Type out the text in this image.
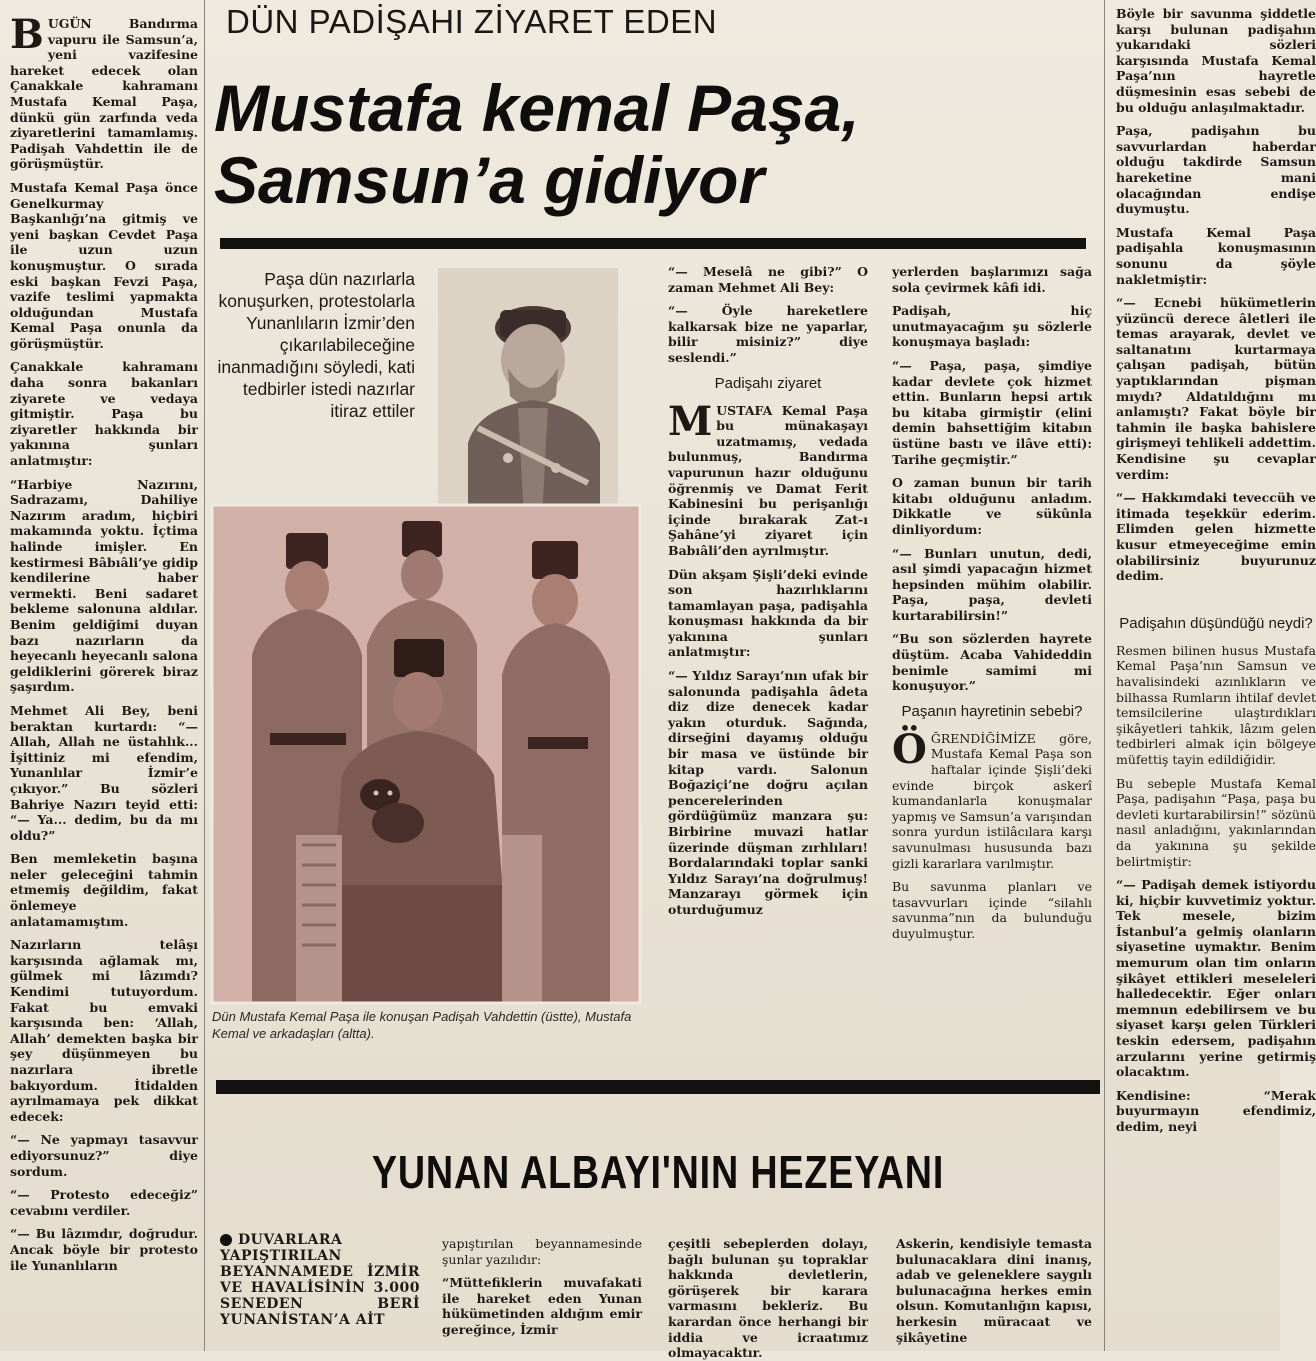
BUGÜN Bandırma vapuru ile Samsun’a, yeni vazifesine hareket edecek olan Çanakkale kahramanı Mustafa Kemal Paşa, dünkü gün zarfında veda ziyaretlerini tamamlamış. Padişah Vahdettin ile de görüşmüştür.

Mustafa Kemal Paşa önce Genelkurmay Başkanlığı’na gitmiş ve yeni başkan Cevdet Paşa ile uzun uzun konuşmuştur. O sırada eski başkan Fevzi Paşa, vazife teslimi yapmakta olduğundan Mustafa Kemal Paşa onunla da görüşmüştür.

Çanakkale kahramanı daha sonra bakanları ziyarete ve vedaya gitmiştir. Paşa bu ziyaretler hakkında bir yakınına şunları anlatmıştır:

“Harbiye Nazırını, Sadrazamı, Dahiliye Nazırım aradım, hiçbiri makamında yoktu. İçtima halinde imişler. En kestirmesi Bâbıâli’ye gidip kendilerine haber vermekti. Beni sadaret bekleme salonuna aldılar. Benim geldiğimi duyan bazı nazırların da heyecanlı heyecanlı salona geldiklerini görerek biraz şaşırdım.

Mehmet Ali Bey, beni beraktan kurtardı: “— Allah, Allah ne üstahlık... İşittiniz mi efendim, Yunanlılar İzmir’e çıkıyor.” Bu sözleri Bahriye Nazırı teyid etti: “— Ya... dedim, bu da mı oldu?”

Ben memleketin başına neler geleceğini tahmin etmemiş değildim, fakat önlemeye anlatamamıştım.

Nazırların telâşı karşısında ağlamak mı, gülmek mi lâzımdı? Kendimi tutuyordum. Fakat bu emvaki karşısında ben: ‘Allah, Allah’ demekten başka bir şey düşünmeyen bu nazırlara ibretle bakıyordum. İtidalden ayrılmamaya pek dikkat edecek:

“— Ne yapmayı tasavvur ediyorsunuz?” diye sordum.

“— Protesto edeceğiz” cevabını verdiler.

“— Bu lâzımdır, doğrudur. Ancak böyle bir protesto ile Yunanlıların

DÜN PADİŞAHI ZİYARET EDEN
Mustafa kemal Paşa, Samsun’a gidiyor
Paşa dün nazırlarla konuşurken, protestolarla Yunanlıların İzmir’den çıkarılabileceğine inanmadığını söyledi, kati tedbirler istedi nazırlar itiraz ettiler
Dün Mustafa Kemal Paşa ile konuşan Padişah Vahdettin (üstte), Mustafa Kemal ve arkadaşları (altta).

“— Meselâ ne gibi?” O zaman Mehmet Ali Bey:

“— Öyle hareketlere kalkarsak bize ne yaparlar, bilir misiniz?” diye seslendi.”

Padişahı ziyaret

MUSTAFA Kemal Paşa bu münakaşayı uzatmamış, vedada bulunmuş, Bandırma vapurunun hazır olduğunu öğrenmiş ve Damat Ferit Kabinesini bu perişanlığı içinde bırakarak Zat-ı Şahâne’yi ziyaret için Babıâli’den ayrılmıştır.

Dün akşam Şişli’deki evinde son hazırlıklarını tamamlayan paşa, padişahla konuşması hakkında da bir yakınına şunları anlatmıştır:

“— Yıldız Sarayı’nın ufak bir salonunda padişahla âdeta diz dize denecek kadar yakın oturduk. Sağında, dirseğini dayamış olduğu bir masa ve üstünde bir kitap vardı. Salonun Boğaziçi’ne doğru açılan pencerelerinden gördüğümüz manzara şu: Birbirine muvazi hatlar üzerinde düşman zırhlıları! Bordalarındaki toplar sanki Yıldız Sarayı’na doğrulmuş! Manzarayı görmek için oturduğumuz

yerlerden başlarımızı sağa sola çevirmek kâfi idi.

Padişah, hiç unutmayacağım şu sözlerle konuşmaya başladı:

“— Paşa, paşa, şimdiye kadar devlete çok hizmet ettin. Bunların hepsi artık bu kitaba girmiştir (elini demin bahsettiğim kitabın üstüne bastı ve ilâve etti): Tarihe geçmiştir.”

O zaman bunun bir tarih kitabı olduğunu anladım. Dikkatle ve sükûnla dinliyordum:

“— Bunları unutun, dedi, asıl şimdi yapacağın hizmet hepsinden mühim olabilir. Paşa, paşa, devleti kurtarabilirsin!”

“Bu son sözlerden hayrete düştüm. Acaba Vahideddin benimle samimi mi konuşuyor.”

Paşanın hayretinin sebebi?

ÖĞRENDİĞİMİZE göre, Mustafa Kemal Paşa son haftalar içinde Şişli’deki evinde birçok askerî kumandanlarla konuşmalar yapmış ve Samsun’a varışından sonra yurdun istilâcılara karşı savunulması hususunda bazı gizli kararlara varılmıştır.

Bu savunma planları ve tasavvurları içinde “silahlı savunma”nın da bulunduğu duyulmuştur.

Böyle bir savunma şiddetle karşı bulunan padişahın yukarıdaki sözleri karşısında Mustafa Kemal Paşa’nın hayretle düşmesinin esas sebebi de bu olduğu anlaşılmaktadır.

Paşa, padişahın bu savvurlardan haberdar olduğu takdirde Samsun hareketine mani olacağından endişe duymuştu.

Mustafa Kemal Paşa padişahla konuşmasının sonunu da şöyle nakletmiştir:

“— Ecnebi hükümetlerin yüzüncü derece âletleri ile temas arayarak, devlet ve saltanatını kurtarmaya çalışan padişah, bütün yaptıklarından pişman mıydı? Aldatıldığını mı anlamıştı? Fakat böyle bir tahmin ile başka bahislere girişmeyi tehlikeli addettim. Kendisine şu cevaplar verdim:

“— Hakkımdaki teveccüh ve itimada teşekkür ederim. Elimden gelen hizmette kusur etmeyeceğime emin olabilirsiniz buyurunuz dedim.

Padişahın düşündüğü neydi?

Resmen bilinen husus Mustafa Kemal Paşa’nın Samsun ve havalisindeki azınlıkların ve bilhassa Rumların ihtilaf devlet temsilcilerine ulaştırdıkları şikâyetleri tahkik, lâzım gelen tedbirleri almak için bölgeye müfettiş tayin edildiğidir.

Bu sebeple Mustafa Kemal Paşa, padişahın “Paşa, paşa bu devleti kurtarabilirsin!” sözünü nasıl anladığını, yakınlarından da yakınına şu şekilde belirtmiştir:

“— Padişah demek istiyordu ki, hiçbir kuvvetimiz yoktur. Tek mesele, bizim İstanbul’a gelmiş olanların siyasetine uymaktır. Benim memurum olan tim onların şikâyet ettikleri meseleleri halledecektir. Eğer onları memnun edebilirsem ve bu siyaset karşı gelen Türkleri teskin edersem, padişahın arzularını yerine getirmiş olacaktım.

Kendisine: “Merak buyurmayın efendimiz, dedim, neyi

YUNAN ALBAYI'NIN HEZEYANI

DUVARLARA YAPIŞTIRILAN BEYANNAMEDE İZMİR VE HAVALİSİNİN 3.000 SENEDEN BERİ YUNANİSTAN’A AİT

yapıştırılan beyannamesinde şunlar yazılıdır:

“Müttefiklerin muvafakati ile hareket eden Yunan hükümetinden aldığım emir gereğince, İzmir

çeşitli sebeplerden dolayı, bağlı bulunan şu topraklar hakkında devletlerin, görüşerek bir karara varmasını bekleriz. Bu karardan önce herhangi bir iddia ve icraatımız olmayacaktır.

Askerin, kendisiyle temasta bulunacaklara dini inanış, adab ve geleneklere saygılı bulunacağına herkes emin olsun. Komutanlığın kapısı, herkesin müracaat ve şikâyetine
